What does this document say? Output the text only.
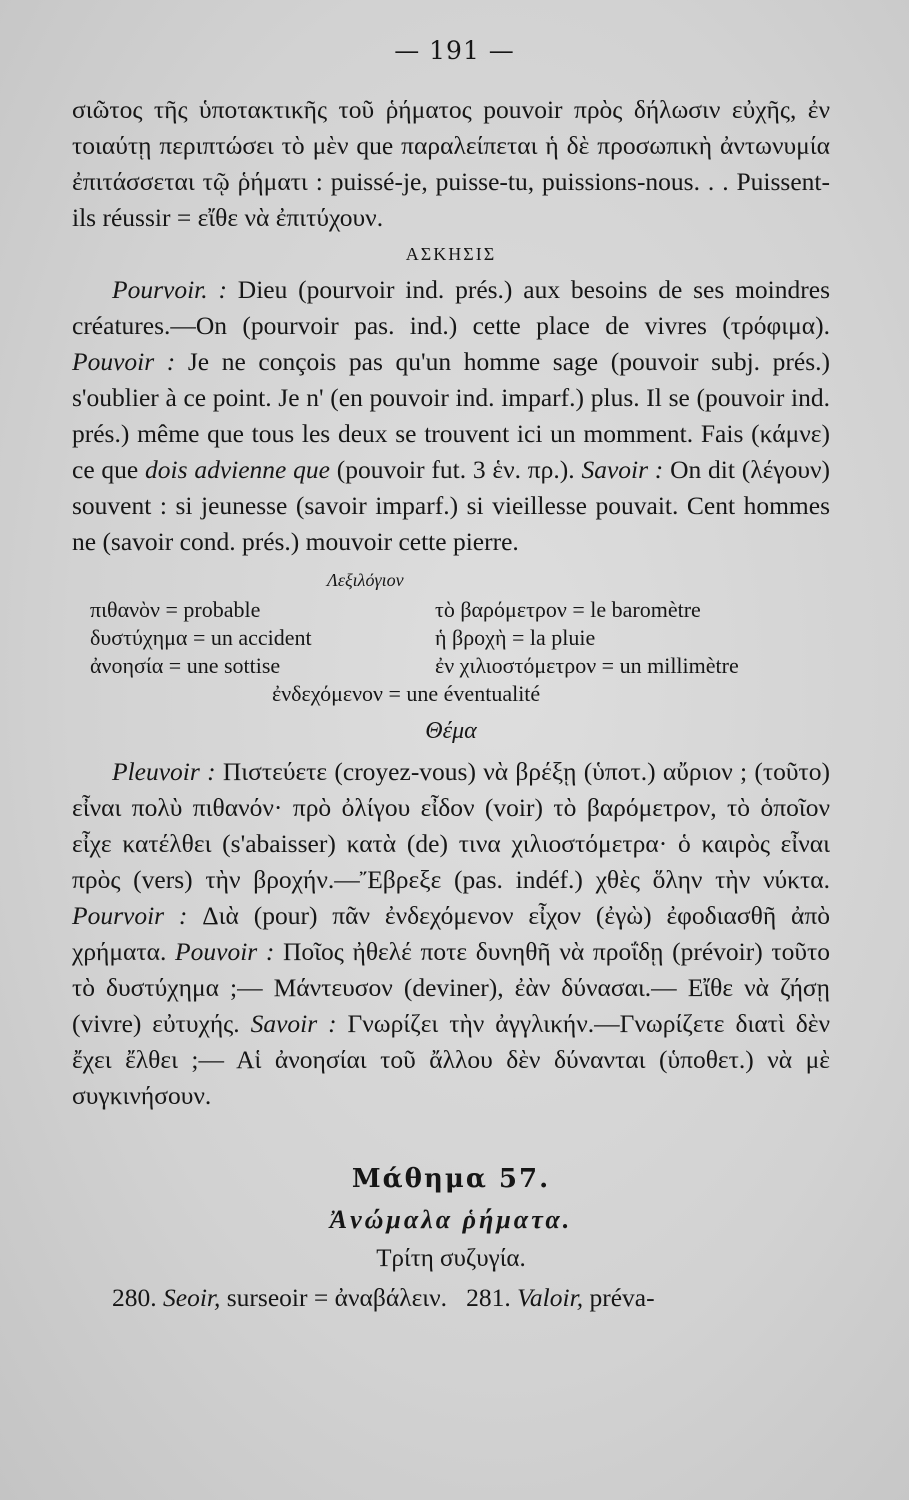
— 191 —

σιῶτος τῆς ὑποτακτικῆς τοῦ ῥήματος pouvoir πρὸς δήλωσιν εὐχῆς, ἐν τοιαύτῃ περιπτώσει τὸ μὲν que παραλείπεται ἡ δὲ προσωπικὴ ἀντωνυμία ἐπιτάσσεται τῷ ῥήματι : puissé-je, puisse-tu, puissions-nous. . . Puissent-ils réussir = εἴθε νὰ ἐπιτύχουν.

ΑΣΚΗΣΙΣ

Pourvoir. : Dieu (pourvoir ind. prés.) aux besoins de ses moindres créatures.—On (pourvoir pas. ind.) cette place de vivres (τρόφιμα). Pouvoir : Je ne conçois pas qu'un homme sage (pouvoir subj. prés.) s'oublier à ce point. Je n' (en pouvoir ind. imparf.) plus. Il se (pouvoir ind. prés.) même que tous les deux se trouvent ici un momment. Fais (κάμνε) ce que dois advienne que (pouvoir fut. 3 ἑν. πρ.). Savoir : On dit (λέγουν) souvent : si jeunesse (savoir imparf.) si vieillesse pouvait. Cent hommes ne (savoir cond. prés.) mouvoir cette pierre.

Λεξιλόγιον
πιθανὸν = probable	τὸ βαρόμετρον = le baromètre
δυστύχημα = un accident	ἡ βροχὴ = la pluie
ἀνοησία = une sottise	ἐν χιλιοστόμετρον = un millimètre
ἐνδεχόμενον = une éventualité
Θέμα

Pleuvoir : Πιστεύετε (croyez-vous) νὰ βρέξῃ (ὑποτ.) αὔριον ; (τοῦτο) εἶναι πολὺ πιθανόν· πρὸ ὀλίγου εἶδον (voir) τὸ βαρόμετρον, τὸ ὁποῖον εἶχε κατέλθει (s'abaisser) κατὰ (de) τινα χιλιοστόμετρα· ὁ καιρὸς εἶναι πρὸς (vers) τὴν βροχήν.—Ἔβρεξε (pas. indéf.) χθὲς ὅλην τὴν νύκτα. Pourvoir : Διὰ (pour) πᾶν ἐνδεχόμενον εἶχον (ἐγὼ) ἐφοδιασθῆ ἀπὸ χρήματα. Pouvoir : Ποῖος ἠθελέ ποτε δυνηθῆ νὰ προΐδῃ (prévoir) τοῦτο τὸ δυστύχημα ;— Μάντευσον (deviner), ἐὰν δύνασαι.— Εἴθε νὰ ζήσῃ (vivre) εὐτυχής. Savoir : Γνωρίζει τὴν ἀγγλικήν.—Γνωρίζετε διατὶ δὲν ἔχει ἔλθει ;— Αἱ ἀνοησίαι τοῦ ἄλλου δὲν δύνανται (ὑποθετ.) νὰ μὲ συγκινήσουν.

Μάθημα 57.
Ἀνώμαλα ῥήματα.
Τρίτη συζυγία.

280. Seoir, surseoir = ἀναβάλειν. 281. Valoir, préva-
